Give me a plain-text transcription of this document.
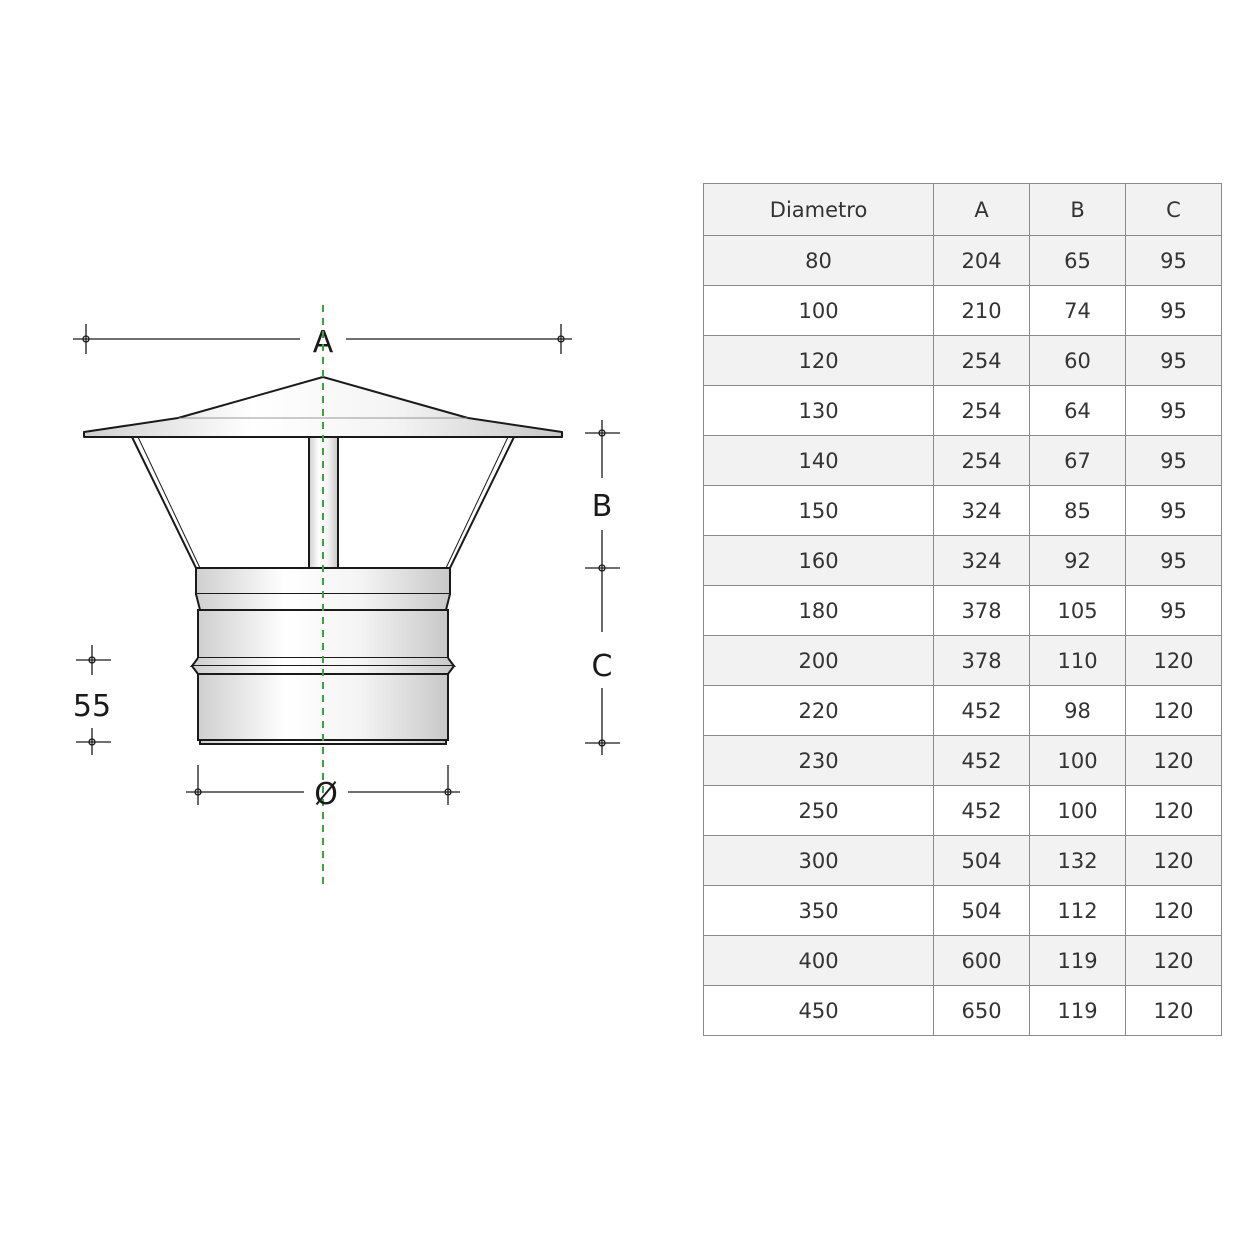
A
B
C
55
Ø
Diametro	A	B	C
80	204	65	95
100	210	74	95
120	254	60	95
130	254	64	95
140	254	67	95
150	324	85	95
160	324	92	95
180	378	105	95
200	378	110	120
220	452	98	120
230	452	100	120
250	452	100	120
300	504	132	120
350	504	112	120
400	600	119	120
450	650	119	120
